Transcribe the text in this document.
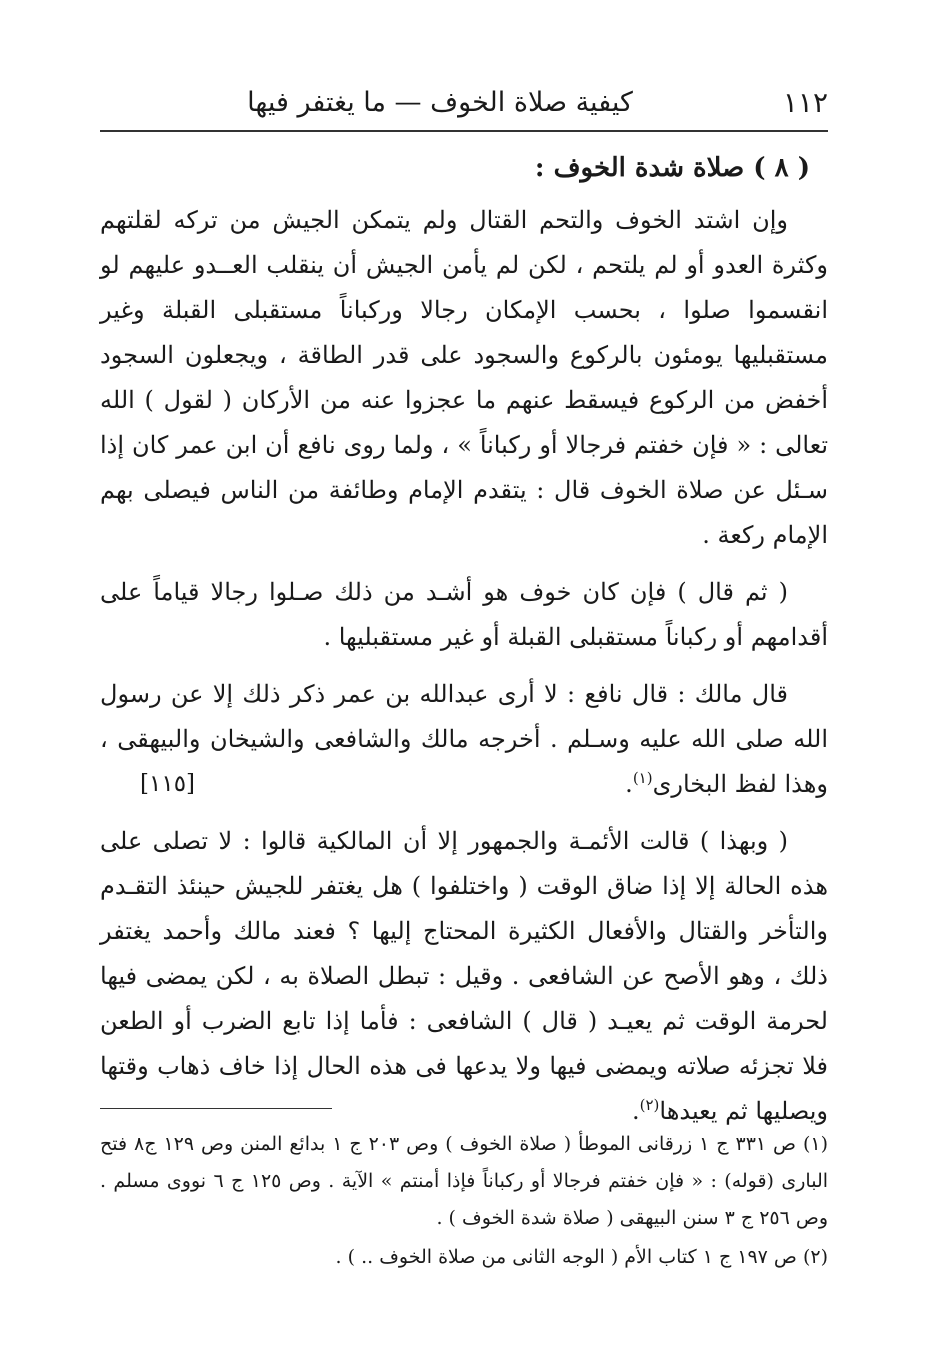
١١٢
كيفية صلاة الخوف — ما يغتفر فيها
( ٨ ) صلاة شدة الخوف :

وإن اشتد الخوف والتحم القتال ولم يتمكن الجيش من تركه لقلتهم وكثرة العدو أو لم يلتحم ، لكن لم يأمن الجيش أن ينقلب العــدو عليهم لو انقسموا صلوا ، بحسب الإمكان رجالا وركباناً مستقبلى القبلة وغير مستقبليها يومئون بالركوع والسجود على قدر الطاقة ، ويجعلون السجود أخفض من الركوع فيسقط عنهم ما عجزوا عنه من الأركان ( لقول ) الله تعالى : « فإن خفتم فرجالا أو ركباناً » ، ولما روى نافع أن ابن عمر كان إذا سـئل عن صلاة الخوف قال : يتقدم الإمام وطائفة من الناس فيصلى بهم الإمام ركعة .

( ثم قال ) فإن كان خوف هو أشـد من ذلك صـلوا رجالا قياماً على أقدامهم أو ركباناً مستقبلى القبلة أو غير مستقبليها .

قال مالك : قال نافع : لا أرى عبدالله بن عمر ذكر ذلك إلا عن رسول الله صلى الله عليه وسـلم . أخرجه مالك والشافعى والشيخان والبيهقى ، وهذا لفظ البخارى$^{(١)}$.
[١١٥]

( وبهذا ) قالت الأئمـة والجمهور إلا أن المالكية قالوا : لا تصلى على هذه الحالة إلا إذا ضاق الوقت ( واختلفوا ) هل يغتفر للجيش حينئذ التقـدم والتأخر والقتال والأفعال الكثيرة المحتاج إليها ؟ فعند مالك وأحمد يغتفر ذلك ، وهو الأصح عن الشافعى . وقيل : تبطل الصلاة به ، لكن يمضى فيها لحرمة الوقت ثم يعيـد ( قال ) الشافعى : فأما إذا تابع الضرب أو الطعن فلا تجزئه صلاته ويمضى فيها ولا يدعها فى هذه الحال إذا خاف ذهاب وقتها ويصليها ثم يعيدها$^{(٢)}$.

(١) ص ٣٣١ ج ١ زرقانى الموطأ ( صلاة الخوف ) وص ٢٠٣ ج ١ بدائع المنن وص ١٢٩ ج٨ فتح البارى (قوله) : « فإن خفتم فرجالا أو ركباناً فإذا أمنتم » الآية . وص ١٢٥ ج ٦ نووى مسلم . وص ٢٥٦ ج ٣ سنن البيهقى ( صلاة شدة الخوف ) .

(٢) ص ١٩٧ ج ١ كتاب الأم ( الوجه الثانى من صلاة الخوف .. ) .
